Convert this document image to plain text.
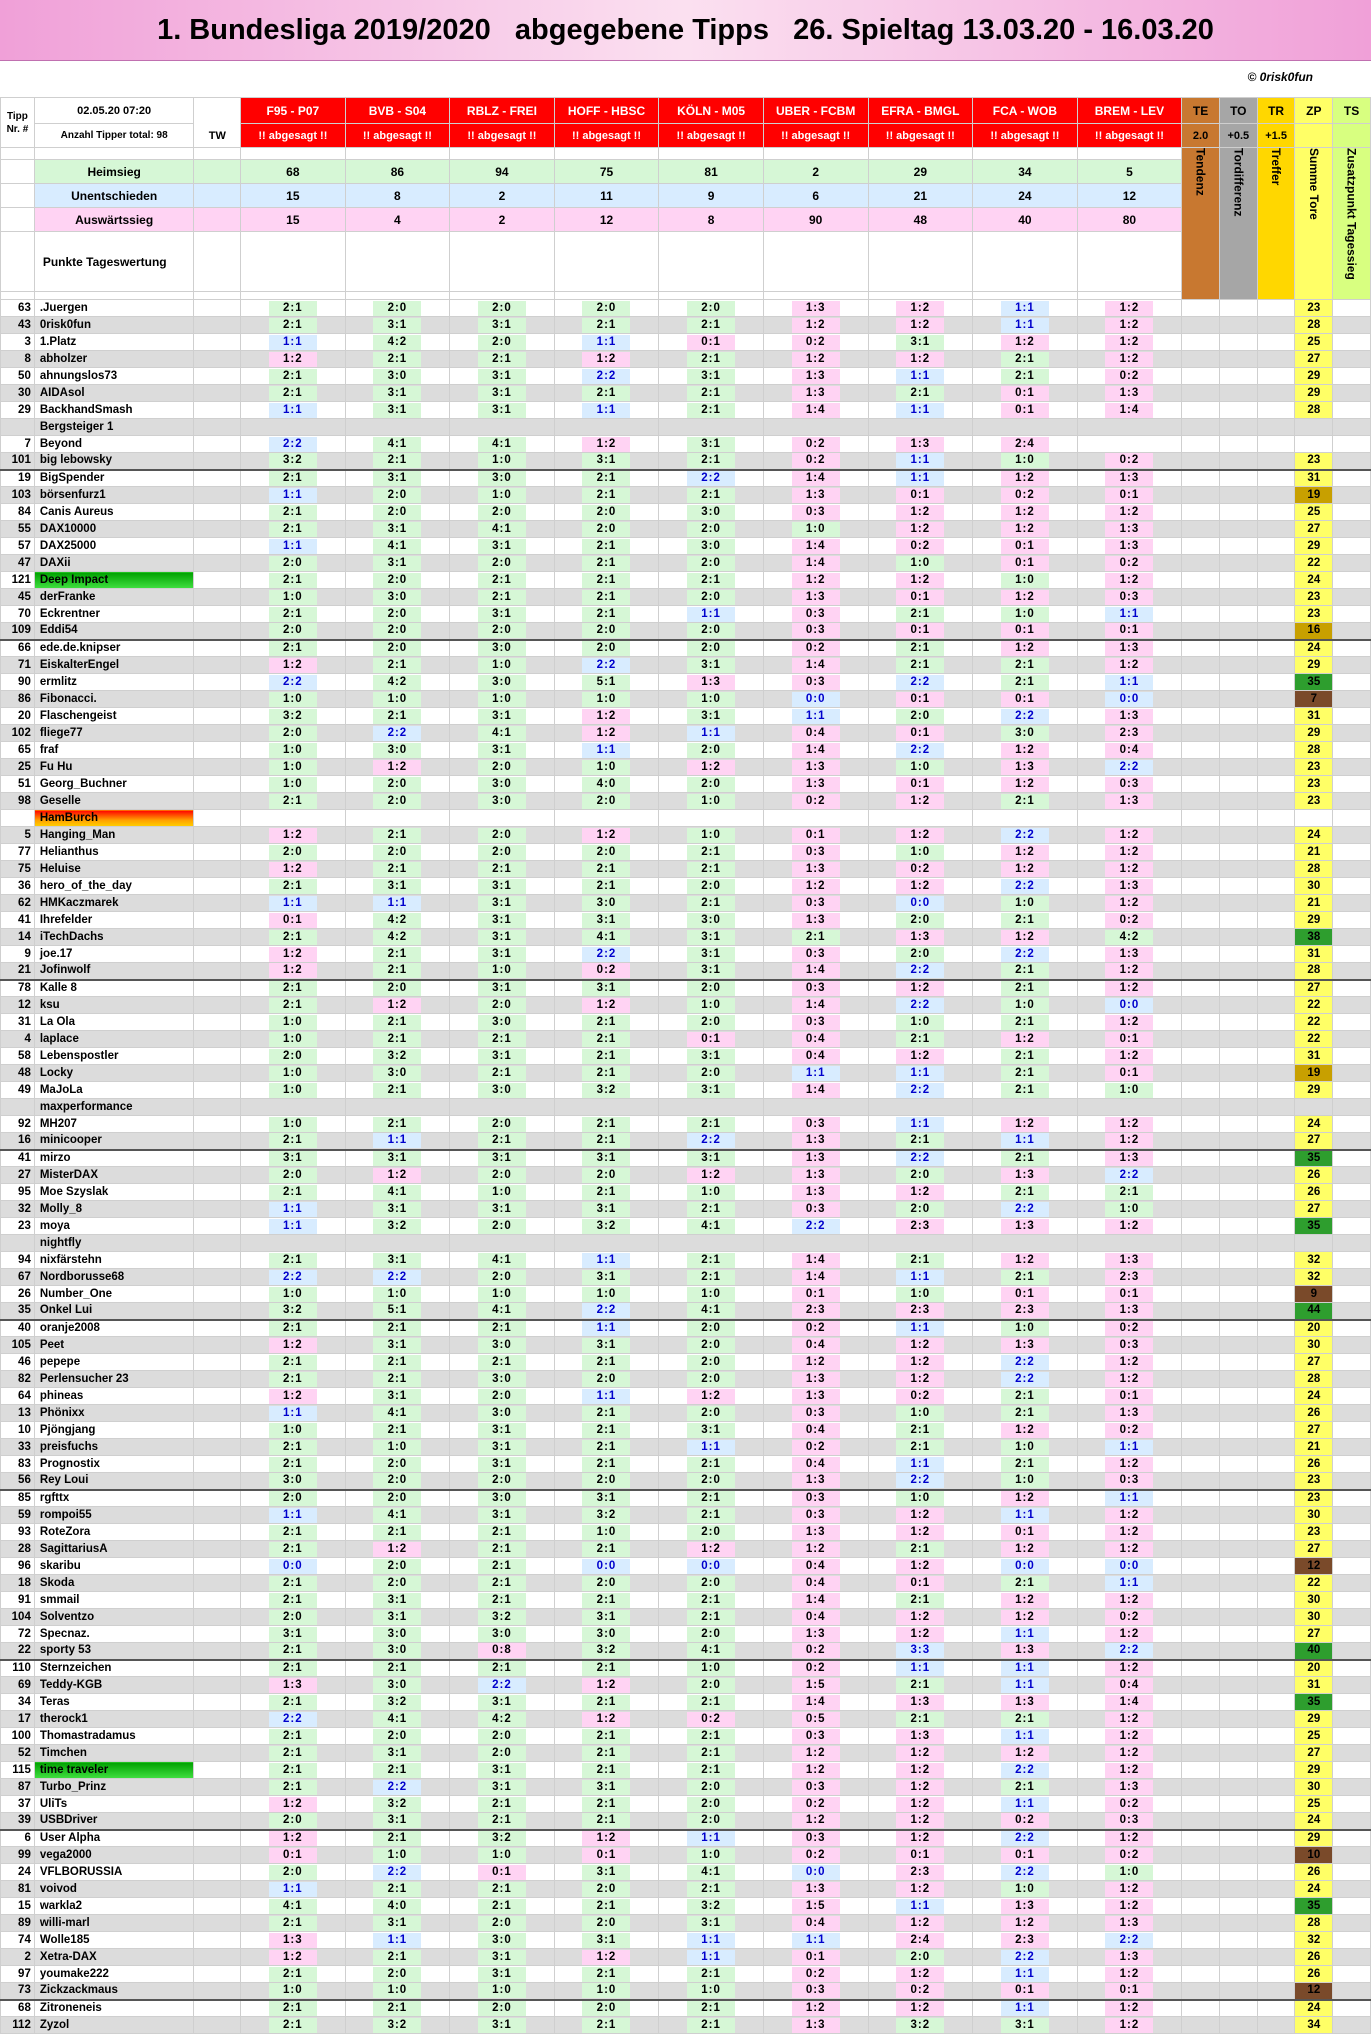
1. Bundesliga 2019/2020   abgegebene Tipps   26. Spieltag 13.03.20 - 16.03.20
© 0risk0fun
Tipp Nr. #	02.05.20 07:20	TW	F95 - P07	BVB - S04	RBLZ - FREI	HOFF - HBSC	KÖLN - M05	UBER - FCBM	EFRA - BMGL	FCA - WOB	BREM - LEV	TE	TO	TR	ZP	TS
	Anzahl Tipper total: 98		!! abgesagt !!	!! abgesagt !!	!! abgesagt !!	!! abgesagt !!	!! abgesagt !!	!! abgesagt !!	!! abgesagt !!	!! abgesagt !!	!! abgesagt !!	2.0	+0.5	+1.5		
												Tendenz	Tordifferenz	Treffer	Summe Tore	Zusatzpunkt Tagessieg
	Heimsieg		68	86	94	75	81	2	29	34	5					
	Unentschieden		15	8	2	11	9	6	21	24	12					
	Auswärtssieg		15	4	2	12	8	90	48	40	80					
	Punkte Tageswertung															

63	.Juergen		2:1	2:0	2:0	2:0	2:0	1:3	1:2	1:1	1:2				23	
43	0risk0fun		2:1	3:1	3:1	2:1	2:1	1:2	1:2	1:1	1:2				28	
3	1.Platz		1:1	4:2	2:0	1:1	0:1	0:2	3:1	1:2	1:2				25	
8	abholzer		1:2	2:1	2:1	1:2	2:1	1:2	1:2	2:1	1:2				27	
50	ahnungslos73		2:1	3:0	3:1	2:2	3:1	1:3	1:1	2:1	0:2				29	
30	AIDAsol		2:1	3:1	3:1	2:1	2:1	1:3	2:1	0:1	1:3				29	
29	BackhandSmash		1:1	3:1	3:1	1:1	2:1	1:4	1:1	0:1	1:4				28	
	Bergsteiger 1															
7	Beyond		2:2	4:1	4:1	1:2	3:1	0:2	1:3	2:4						
101	big lebowsky		3:2	2:1	1:0	3:1	2:1	0:2	1:1	1:0	0:2				23	
19	BigSpender		2:1	3:1	3:0	2:1	2:2	1:4	1:1	1:2	1:3				31	
103	börsenfurz1		1:1	2:0	1:0	2:1	2:1	1:3	0:1	0:2	0:1				19	
84	Canis Aureus		2:1	2:0	2:0	2:0	3:0	0:3	1:2	1:2	1:2				25	
55	DAX10000		2:1	3:1	4:1	2:0	2:0	1:0	1:2	1:2	1:3				27	
57	DAX25000		1:1	4:1	3:1	2:1	3:0	1:4	0:2	0:1	1:3				29	
47	DAXii		2:0	3:1	2:0	2:1	2:0	1:4	1:0	0:1	0:2				22	
121	Deep Impact		2:1	2:0	2:1	2:1	2:1	1:2	1:2	1:0	1:2				24	
45	derFranke		1:0	3:0	2:1	2:1	2:0	1:3	0:1	1:2	0:3				23	
70	Eckrentner		2:1	2:0	3:1	2:1	1:1	0:3	2:1	1:0	1:1				23	
109	Eddi54		2:0	2:0	2:0	2:0	2:0	0:3	0:1	0:1	0:1				16	
66	ede.de.knipser		2:1	2:0	3:0	2:0	2:0	0:2	2:1	1:2	1:3				24	
71	EiskalterEngel		1:2	2:1	1:0	2:2	3:1	1:4	2:1	2:1	1:2				29	
90	ermlitz		2:2	4:2	3:0	5:1	1:3	0:3	2:2	2:1	1:1				35	
86	Fibonacci.		1:0	1:0	1:0	1:0	1:0	0:0	0:1	0:1	0:0				7	
20	Flaschengeist		3:2	2:1	3:1	1:2	3:1	1:1	2:0	2:2	1:3				31	
102	fliege77		2:0	2:2	4:1	1:2	1:1	0:4	0:1	3:0	2:3				29	
65	fraf		1:0	3:0	3:1	1:1	2:0	1:4	2:2	1:2	0:4				28	
25	Fu Hu		1:0	1:2	2:0	1:0	1:2	1:3	1:0	1:3	2:2				23	
51	Georg_Buchner		1:0	2:0	3:0	4:0	2:0	1:3	0:1	1:2	0:3				23	
98	Geselle		2:1	2:0	3:0	2:0	1:0	0:2	1:2	2:1	1:3				23	
	HamBurch															
5	Hanging_Man		1:2	2:1	2:0	1:2	1:0	0:1	1:2	2:2	1:2				24	
77	Helianthus		2:0	2:0	2:0	2:0	2:1	0:3	1:0	1:2	1:2				21	
75	Heluise		1:2	2:1	2:1	2:1	2:1	1:3	0:2	1:2	1:2				28	
36	hero_of_the_day		2:1	3:1	3:1	2:1	2:0	1:2	1:2	2:2	1:3				30	
62	HMKaczmarek		1:1	1:1	3:1	3:0	2:1	0:3	0:0	1:0	1:2				21	
41	Ihrefelder		0:1	4:2	3:1	3:1	3:0	1:3	2:0	2:1	0:2				29	
14	iTechDachs		2:1	4:2	3:1	4:1	3:1	2:1	1:3	1:2	4:2				38	
9	joe.17		1:2	2:1	3:1	2:2	3:1	0:3	2:0	2:2	1:3				31	
21	Jofinwolf		1:2	2:1	1:0	0:2	3:1	1:4	2:2	2:1	1:2				28	
78	Kalle 8		2:1	2:0	3:1	3:1	2:0	0:3	1:2	2:1	1:2				27	
12	ksu		2:1	1:2	2:0	1:2	1:0	1:4	2:2	1:0	0:0				22	
31	La Ola		1:0	2:1	3:0	2:1	2:0	0:3	1:0	2:1	1:2				22	
4	laplace		1:0	2:1	2:1	2:1	0:1	0:4	2:1	1:2	0:1				22	
58	Lebenspostler		2:0	3:2	3:1	2:1	3:1	0:4	1:2	2:1	1:2				31	
48	Locky		1:0	3:0	2:1	2:1	2:0	1:1	1:1	2:1	0:1				19	
49	MaJoLa		1:0	2:1	3:0	3:2	3:1	1:4	2:2	2:1	1:0				29	
	maxperformance															
92	MH207		1:0	2:1	2:0	2:1	2:1	0:3	1:1	1:2	1:2				24	
16	minicooper		2:1	1:1	2:1	2:1	2:2	1:3	2:1	1:1	1:2				27	
41	mirzo		3:1	3:1	3:1	3:1	3:1	1:3	2:2	2:1	1:3				35	
27	MisterDAX		2:0	1:2	2:0	2:0	1:2	1:3	2:0	1:3	2:2				26	
95	Moe Szyslak		2:1	4:1	1:0	2:1	1:0	1:3	1:2	2:1	2:1				26	
32	Molly_8		1:1	3:1	3:1	3:1	2:1	0:3	2:0	2:2	1:0				27	
23	moya		1:1	3:2	2:0	3:2	4:1	2:2	2:3	1:3	1:2				35	
	nightfly															
94	nixfärstehn		2:1	3:1	4:1	1:1	2:1	1:4	2:1	1:2	1:3				32	
67	Nordborusse68		2:2	2:2	2:0	3:1	2:1	1:4	1:1	2:1	2:3				32	
26	Number_One		1:0	1:0	1:0	1:0	1:0	0:1	1:0	0:1	0:1				9	
35	Onkel Lui		3:2	5:1	4:1	2:2	4:1	2:3	2:3	2:3	1:3				44	
40	oranje2008		2:1	2:1	2:1	1:1	2:0	0:2	1:1	1:0	0:2				20	
105	Peet		1:2	3:1	3:0	3:1	2:0	0:4	1:2	1:3	0:3				30	
46	pepepe		2:1	2:1	2:1	2:1	2:0	1:2	1:2	2:2	1:2				27	
82	Perlensucher 23		2:1	2:1	3:0	2:0	2:0	1:3	1:2	2:2	1:2				28	
64	phineas		1:2	3:1	2:0	1:1	1:2	1:3	0:2	2:1	0:1				24	
13	Phönixx		1:1	4:1	3:0	2:1	2:0	0:3	1:0	2:1	1:3				26	
10	Pjöngjang		1:0	2:1	3:1	2:1	3:1	0:4	2:1	1:2	0:2				27	
33	preisfuchs		2:1	1:0	3:1	2:1	1:1	0:2	2:1	1:0	1:1				21	
83	Prognostix		2:1	2:0	3:1	2:1	2:1	0:4	1:1	2:1	1:2				26	
56	Rey Loui		3:0	2:0	2:0	2:0	2:0	1:3	2:2	1:0	0:3				23	
85	rgfttx		2:0	2:0	3:0	3:1	2:1	0:3	1:0	1:2	1:1				23	
59	rompoi55		1:1	4:1	3:1	3:2	2:1	0:3	1:2	1:1	1:2				30	
93	RoteZora		2:1	2:1	2:1	1:0	2:0	1:3	1:2	0:1	1:2				23	
28	SagittariusA		2:1	1:2	2:1	2:1	1:2	1:2	2:1	1:2	1:2				27	
96	skaribu		0:0	2:0	2:1	0:0	0:0	0:4	1:2	0:0	0:0				12	
18	Skoda		2:1	2:0	2:1	2:0	2:0	0:4	0:1	2:1	1:1				22	
91	smmail		2:1	3:1	2:1	2:1	2:1	1:4	2:1	1:2	1:2				30	
104	Solventzo		2:0	3:1	3:2	3:1	2:1	0:4	1:2	1:2	0:2				30	
72	Specnaz.		3:1	3:0	3:0	3:0	2:0	1:3	1:2	1:1	1:2				27	
22	sporty 53		2:1	3:0	0:8	3:2	4:1	0:2	3:3	1:3	2:2				40	
110	Sternzeichen		2:1	2:1	2:1	2:1	1:0	0:2	1:1	1:1	1:2				20	
69	Teddy-KGB		1:3	3:0	2:2	1:2	2:0	1:5	2:1	1:1	0:4				31	
34	Teras		2:1	3:2	3:1	2:1	2:1	1:4	1:3	1:3	1:4				35	
17	therock1		2:2	4:1	4:2	1:2	0:2	0:5	2:1	2:1	1:2				29	
100	Thomastradamus		2:1	2:0	2:0	2:1	2:1	0:3	1:3	1:1	1:2				25	
52	Timchen		2:1	3:1	2:0	2:1	2:1	1:2	1:2	1:2	1:2				27	
115	time traveler		2:1	2:1	3:1	2:1	2:1	1:2	1:2	2:2	1:2				29	
87	Turbo_Prinz		2:1	2:2	3:1	3:1	2:0	0:3	1:2	2:1	1:3				30	
37	UliTs		1:2	3:2	2:1	2:1	2:0	0:2	1:2	1:1	0:2				25	
39	USBDriver		2:0	3:1	2:1	2:1	2:0	1:2	1:2	0:2	0:3				24	
6	User Alpha		1:2	2:1	3:2	1:2	1:1	0:3	1:2	2:2	1:2				29	
99	vega2000		0:1	1:0	1:0	0:1	1:0	0:2	0:1	0:1	0:2				10	
24	VFLBORUSSIA		2:0	2:2	0:1	3:1	4:1	0:0	2:3	2:2	1:0				26	
81	voivod		1:1	2:1	2:1	2:0	2:1	1:3	1:2	1:0	1:2				24	
15	warkla2		4:1	4:0	2:1	2:1	3:2	1:5	1:1	1:3	1:2				35	
89	willi-marl		2:1	3:1	2:0	2:0	3:1	0:4	1:2	1:2	1:3				28	
74	Wolle185		1:3	1:1	3:0	3:1	1:1	1:1	2:4	2:3	2:2				32	
2	Xetra-DAX		1:2	2:1	3:1	1:2	1:1	0:1	2:0	2:2	1:3				26	
97	youmake222		2:1	2:0	3:1	2:1	2:1	0:2	1:2	1:1	1:2				26	
73	Zickzackmaus		1:0	1:0	1:0	1:0	1:0	0:3	0:2	0:1	0:1				12	
68	Zitroneneis		2:1	2:1	2:0	2:0	2:1	1:2	1:2	1:1	1:2				24	
112	Zyzol		2:1	3:2	3:1	2:1	2:1	1:3	3:2	3:1	1:2				34	
